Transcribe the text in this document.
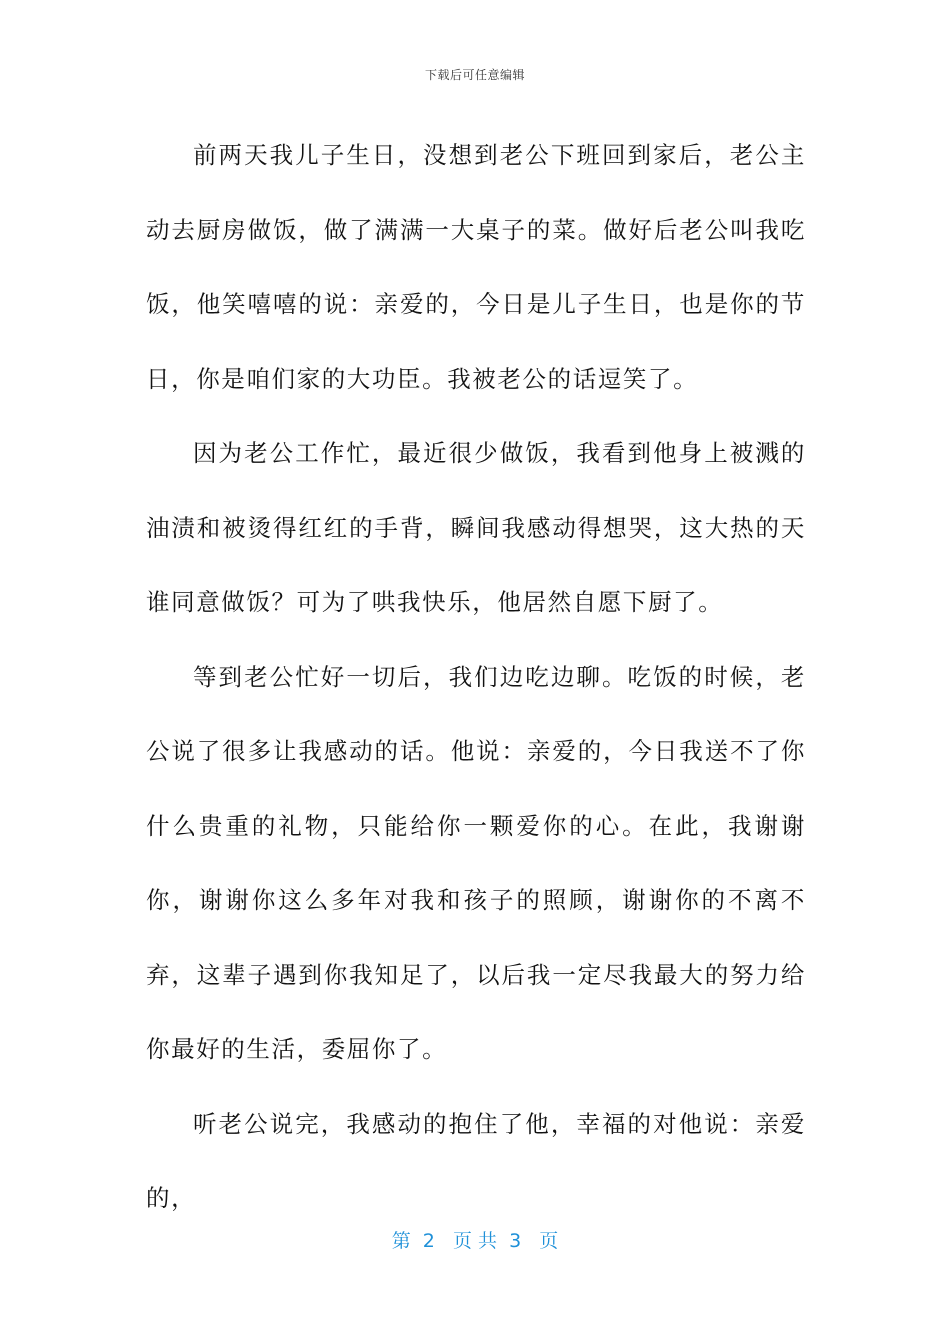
下载后可任意编辑

前两天我儿子生日，没想到老公下班回到家后，老公主动去厨房做饭，做了满满一大桌子的菜。做好后老公叫我吃饭，他笑嘻嘻的说：亲爱的，今日是儿子生日，也是你的节日，你是咱们家的大功臣。我被老公的话逗笑了。

因为老公工作忙，最近很少做饭，我看到他身上被溅的油渍和被烫得红红的手背，瞬间我感动得想哭，这大热的天谁同意做饭？可为了哄我快乐，他居然自愿下厨了。

等到老公忙好一切后，我们边吃边聊。吃饭的时候，老公说了很多让我感动的话。他说：亲爱的，今日我送不了你什么贵重的礼物，只能给你一颗爱你的心。在此，我谢谢你，谢谢你这么多年对我和孩子的照顾，谢谢你的不离不弃，这辈子遇到你我知足了，以后我一定尽我最大的努力给你最好的生活，委屈你了。

听老公说完，我感动的抱住了他，幸福的对他说：亲爱的，

第  2   页 共  3   页
